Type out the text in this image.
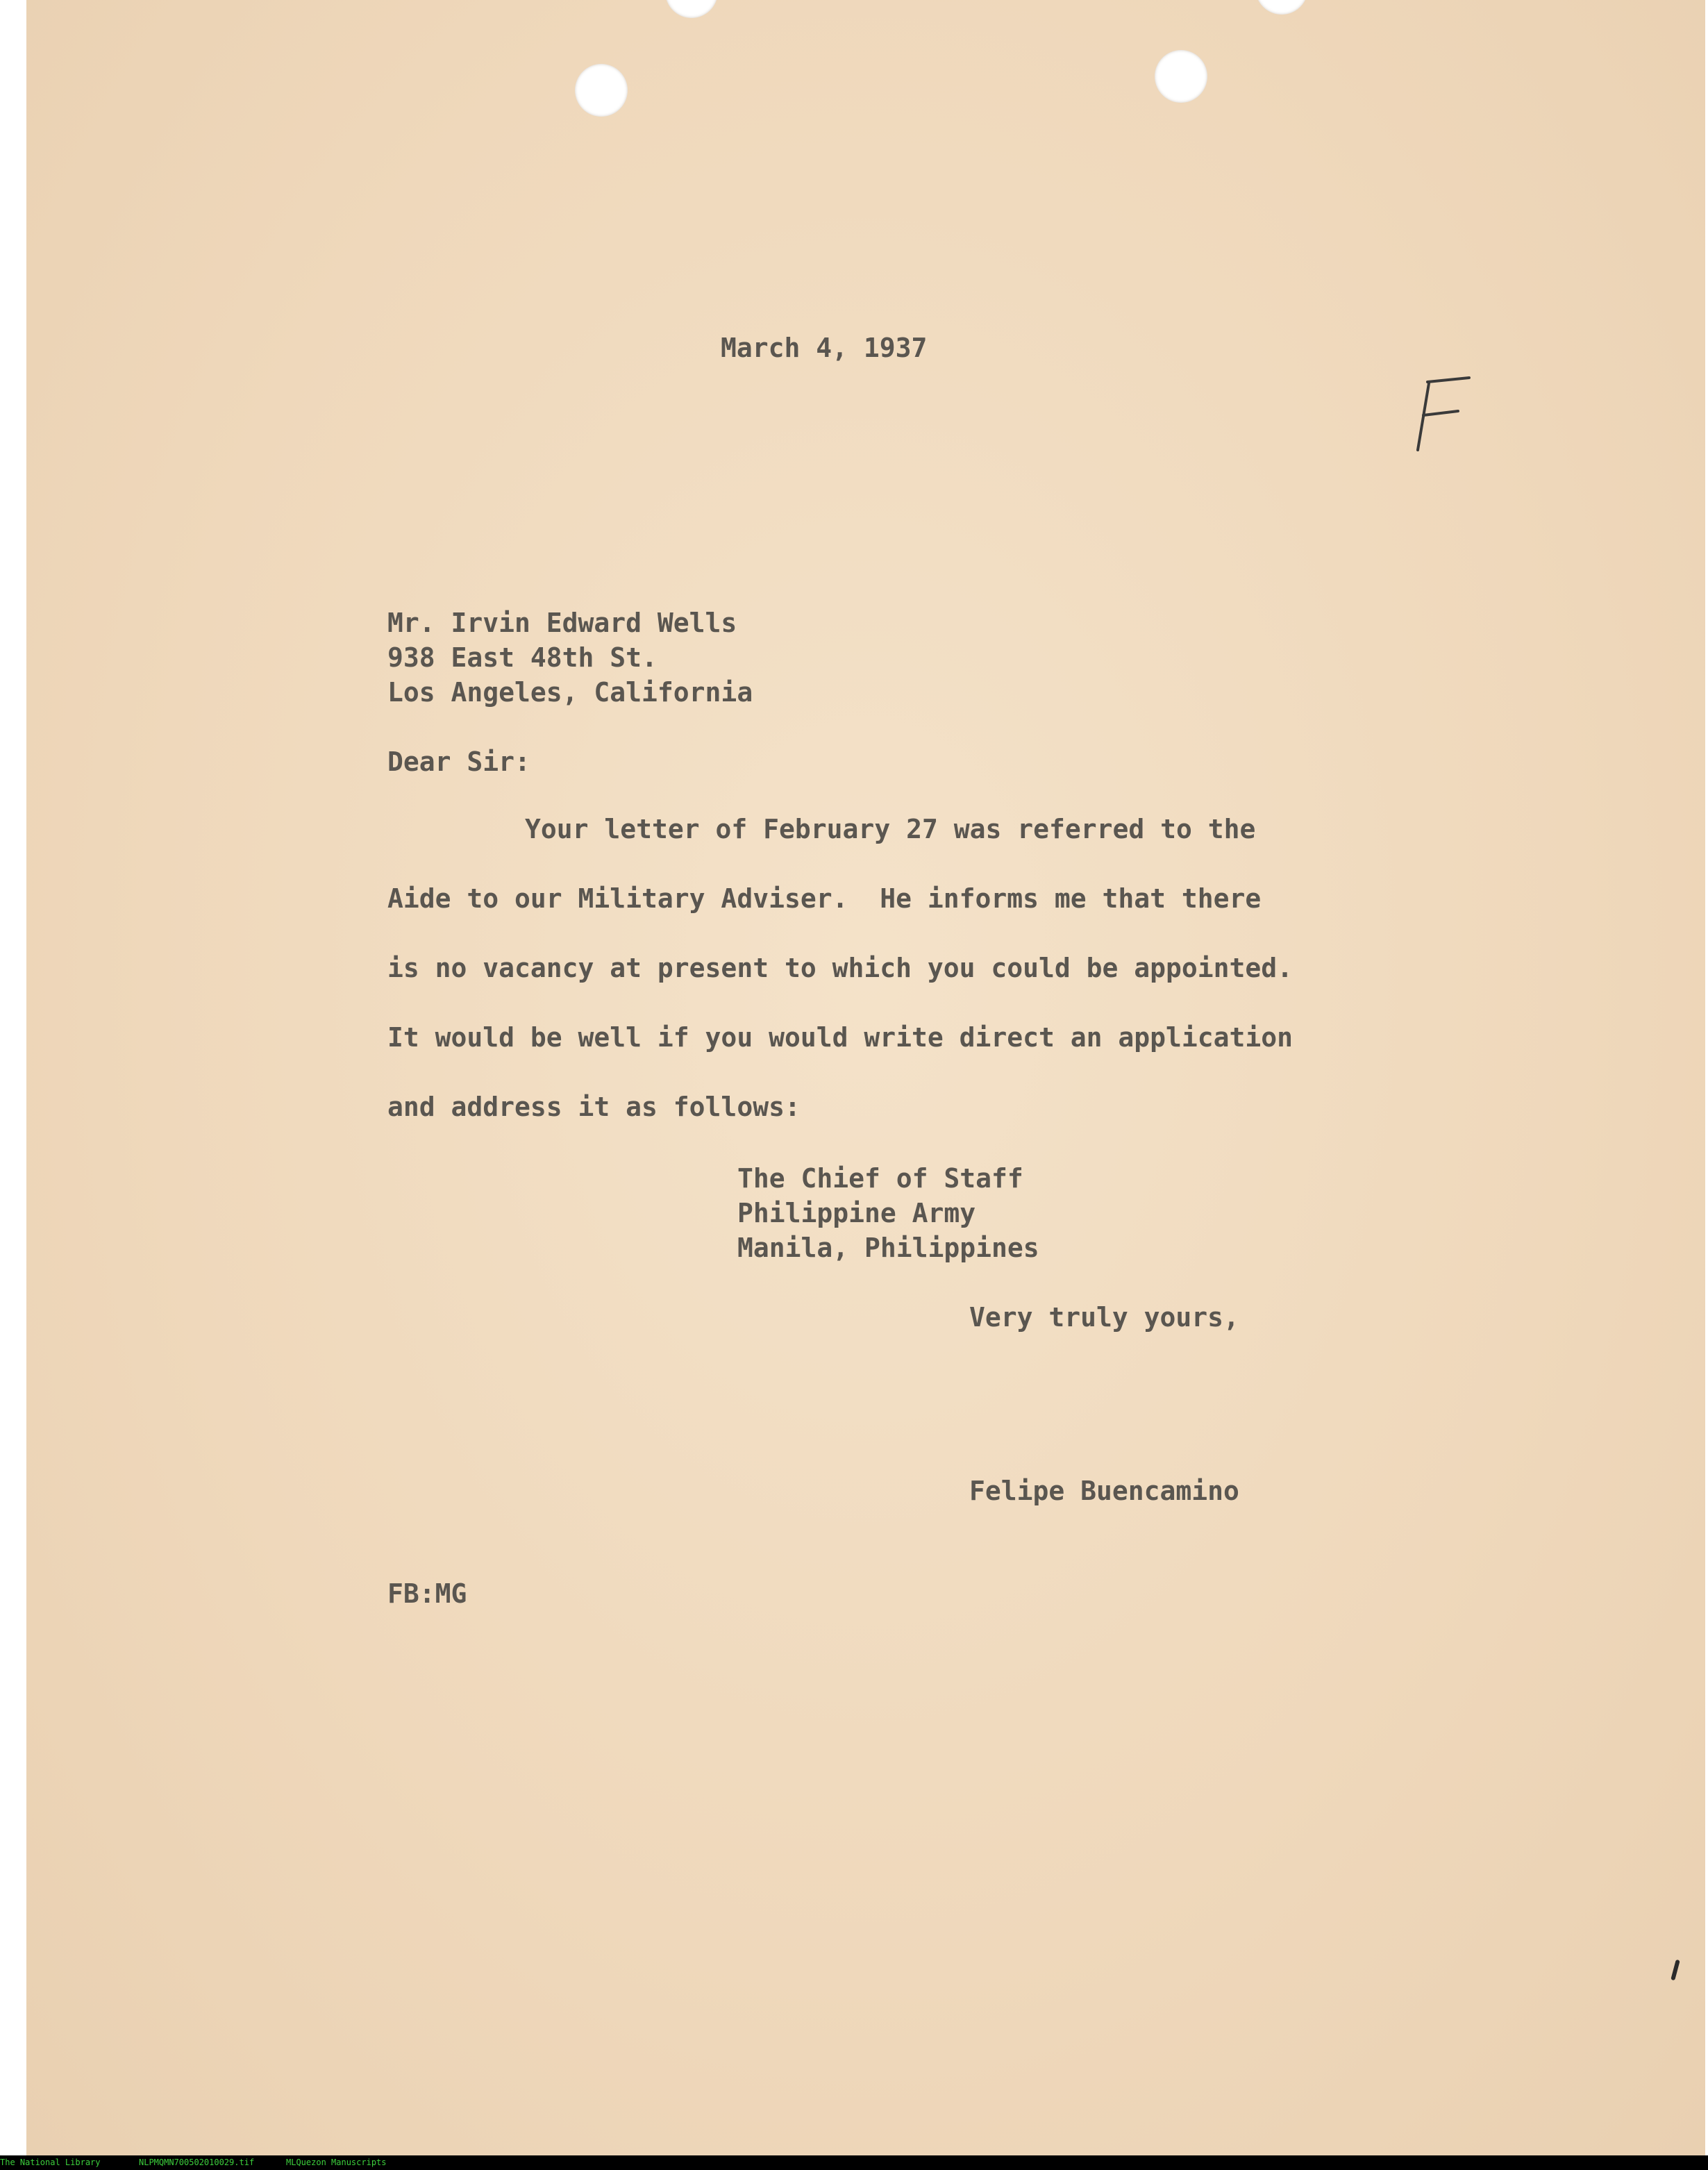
March 4, 1937

Mr. Irvin Edward Wells

938 East 48th St.

Los Angeles, California

Dear Sir:

Your letter of February 27 was referred to the

Aide to our Military Adviser.  He informs me that there

is no vacancy at present to which you could be appointed.

It would be well if you would write direct an application

and address it as follows:

The Chief of Staff

Philippine Army

Manila, Philippines

Very truly yours,

Felipe Buencamino

FB:MG

The National Library	NLPMQMN700502010029.tif	MLQuezon Manuscripts
